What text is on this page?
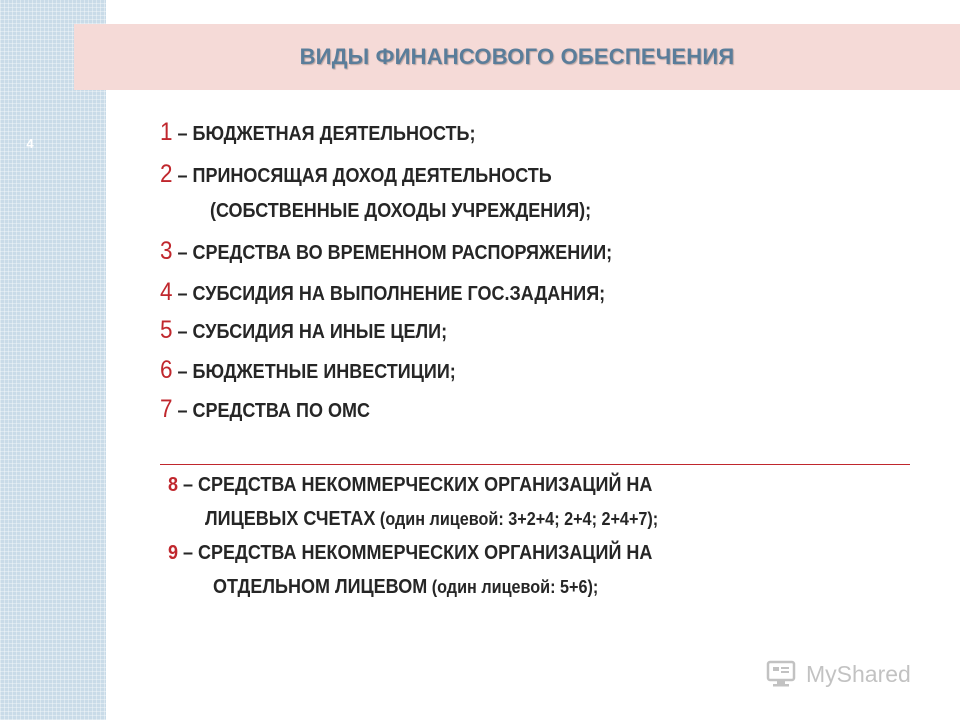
4
ВИДЫ ФИНАНСОВОГО ОБЕСПЕЧЕНИЯ
1 – БЮДЖЕТНАЯ ДЕЯТЕЛЬНОСТЬ;
2 – ПРИНОСЯЩАЯ ДОХОД ДЕЯТЕЛЬНОСТЬ
(СОБСТВЕННЫЕ ДОХОДЫ УЧРЕЖДЕНИЯ);
3 – СРЕДСТВА ВО ВРЕМЕННОМ РАСПОРЯЖЕНИИ;
4 – СУБСИДИЯ НА ВЫПОЛНЕНИЕ ГОС.ЗАДАНИЯ;
5 – СУБСИДИЯ НА ИНЫЕ ЦЕЛИ;
6 – БЮДЖЕТНЫЕ ИНВЕСТИЦИИ;
7 – СРЕДСТВА ПО ОМС
8 – СРЕДСТВА НЕКОММЕРЧЕСКИХ ОРГАНИЗАЦИЙ НА
ЛИЦЕВЫХ СЧЕТАХ (один лицевой: 3+2+4; 2+4; 2+4+7);
9 – СРЕДСТВА НЕКОММЕРЧЕСКИХ ОРГАНИЗАЦИЙ НА
ОТДЕЛЬНОМ ЛИЦЕВОМ (один лицевой: 5+6);
MyShared
